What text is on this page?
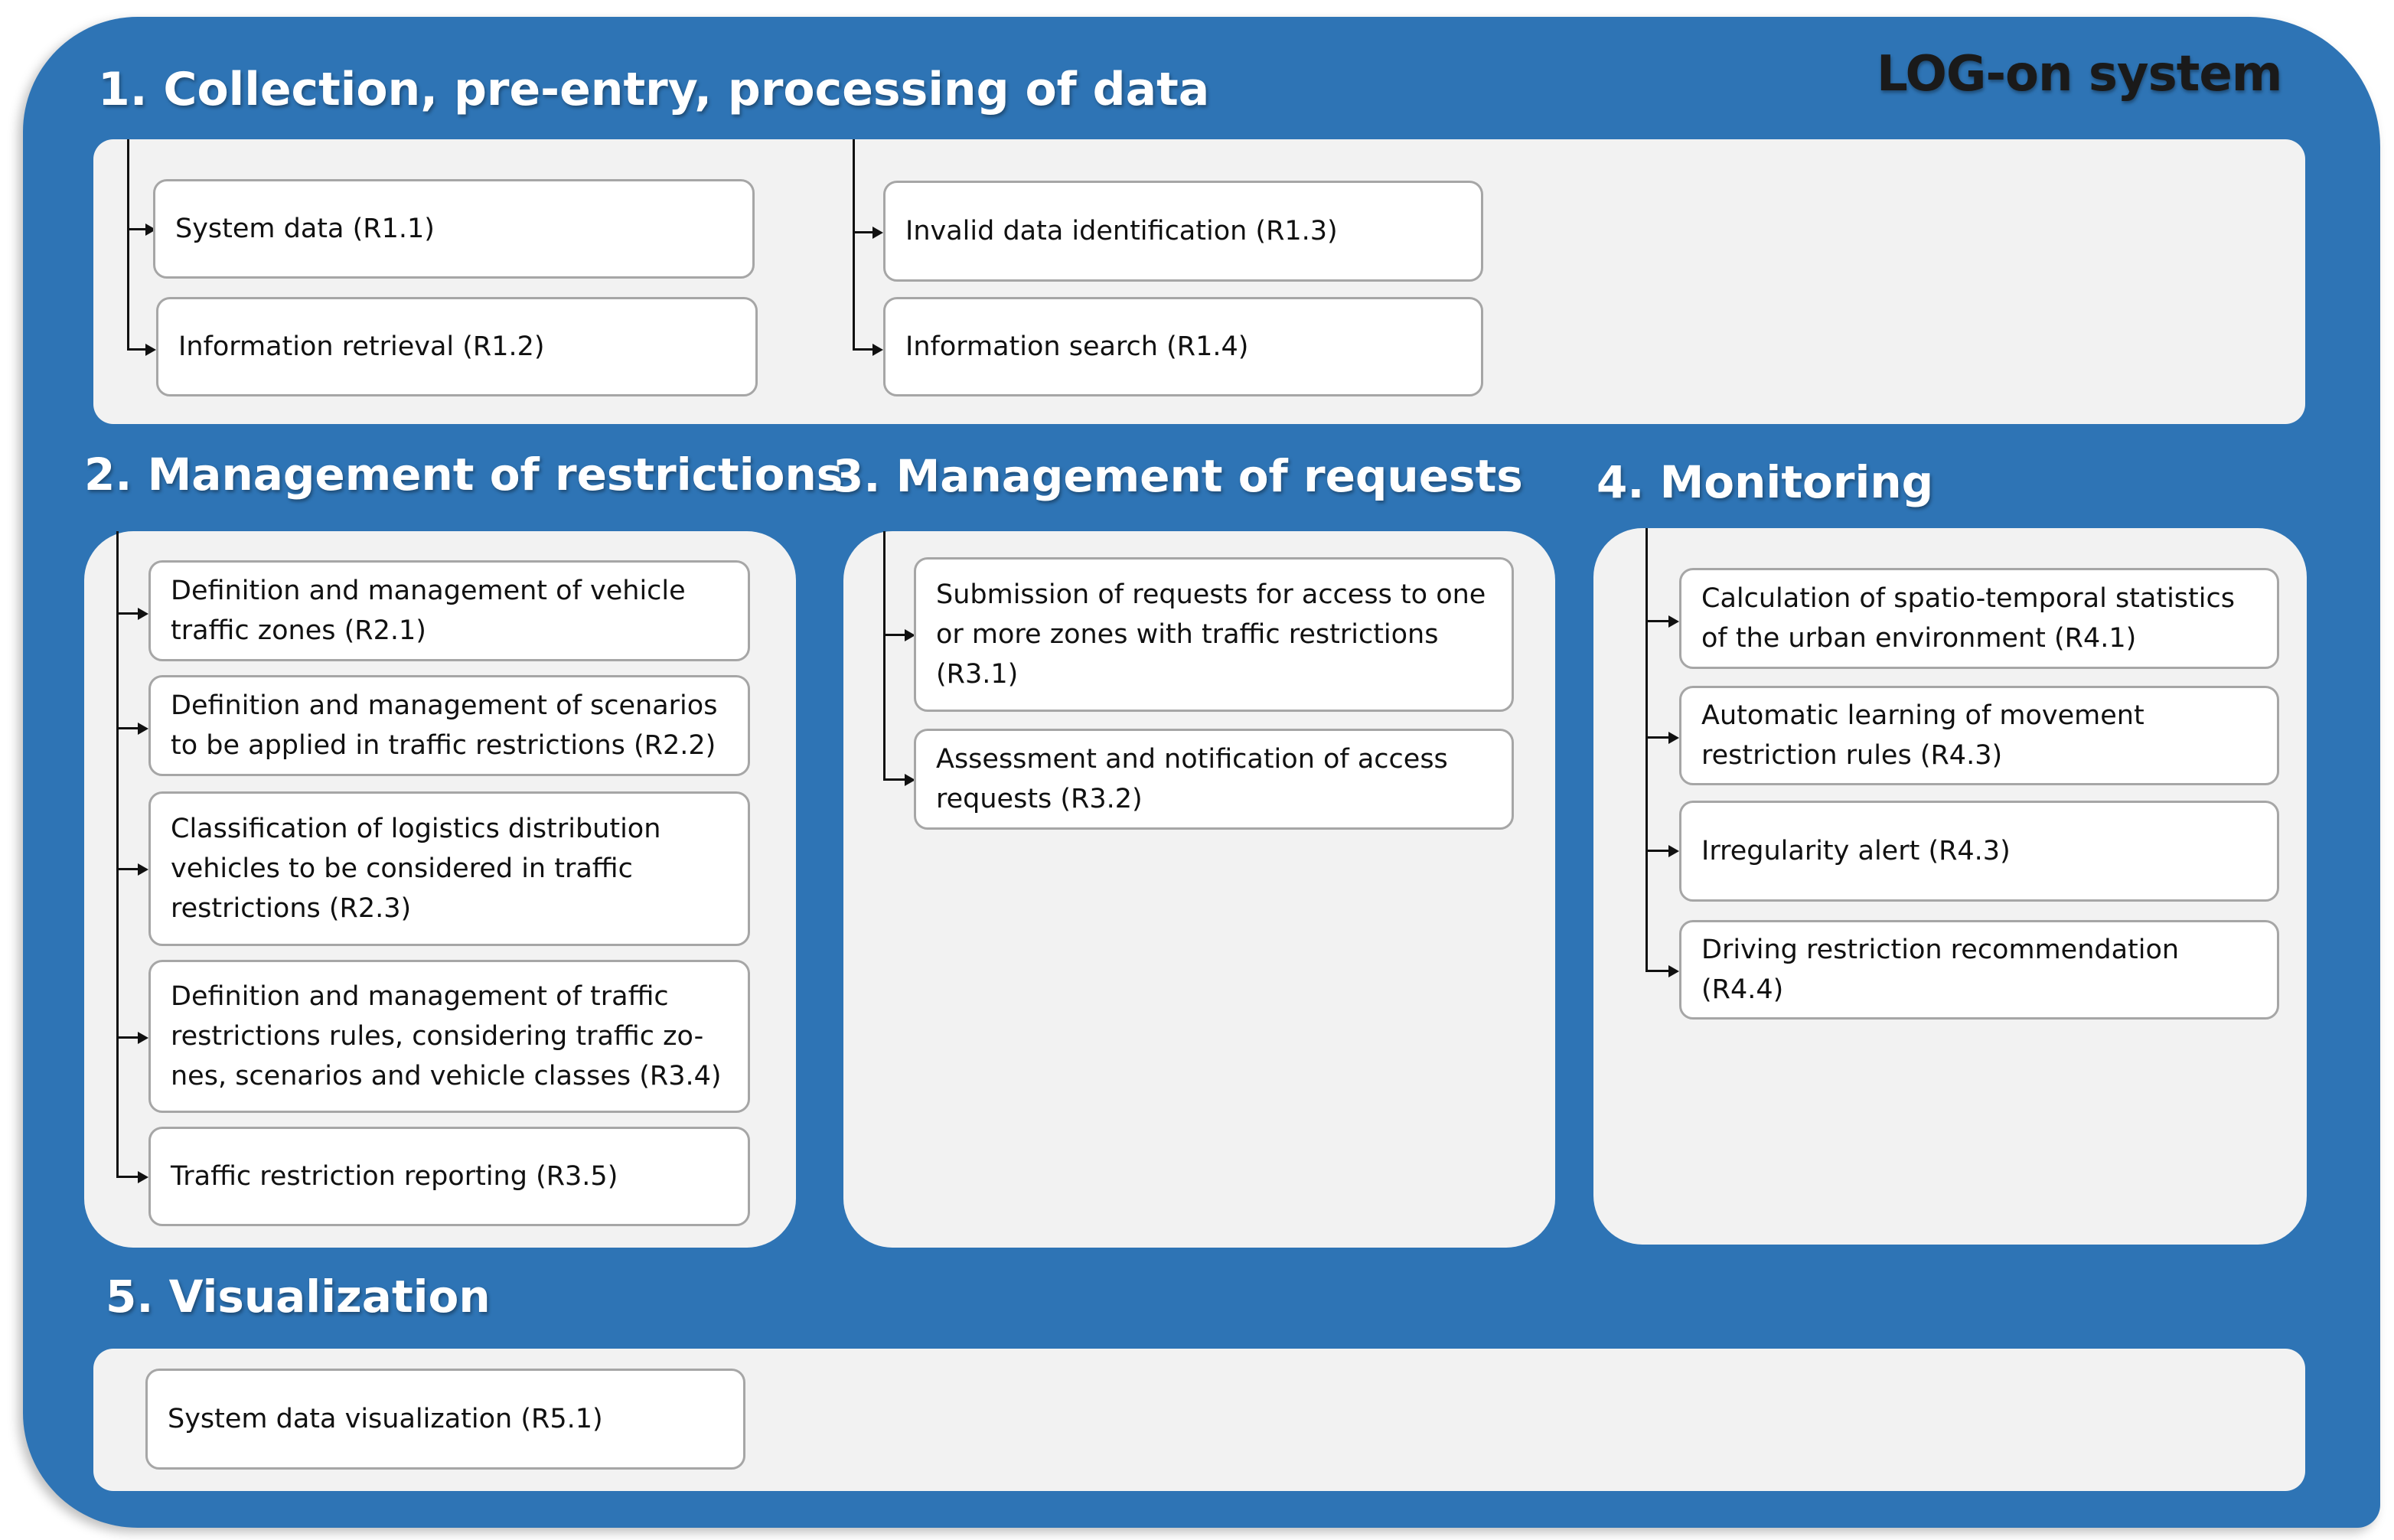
LOG-on system
1. Collection, pre-entry, processing of data
System data (R1.1)
Information retrieval (R1.2)
Invalid data identification (R1.3)
Information search (R1.4)
2. Management of restrictions
Definition and management of vehicle
traffic zones (R2.1)
Definition and management of scenarios
to be applied in traffic restrictions (R2.2)
Classification of logistics distribution
vehicles to be considered in traffic
restrictions (R2.3)
Definition and management of traffic
restrictions rules, considering traffic zo-
nes, scenarios and vehicle classes (R3.4)
Traffic restriction reporting (R3.5)
3. Management of requests
Submission of requests for access to one
or more zones with traffic restrictions
(R3.1)
Assessment and notification of access
requests (R3.2)
4. Monitoring
Calculation of spatio-temporal statistics
of the urban environment (R4.1)
Automatic learning of movement
restriction rules (R4.3)
Irregularity alert (R4.3)
Driving restriction recommendation
(R4.4)
5. Visualization
System data visualization (R5.1)
